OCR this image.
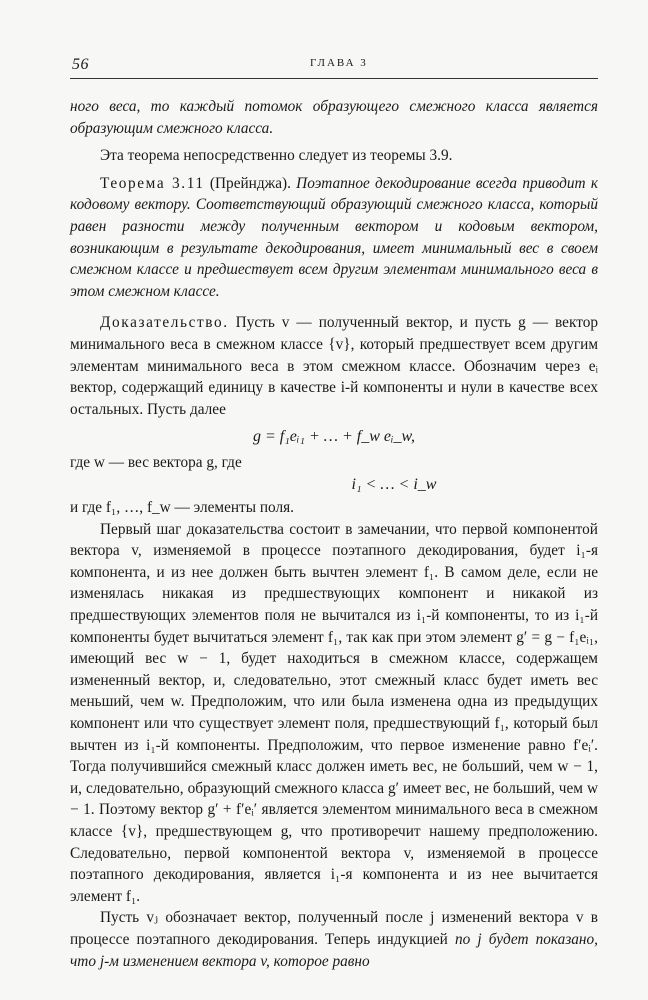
56	ГЛАВА 3

ного веса, то каждый потомок образующего смежного класса является образующим смежного класса.

Эта теорема непосредственно следует из теоремы 3.9.

Теорема 3.11 (Прейнджа). Поэтапное декодирование всегда приводит к кодовому вектору. Соответствующий образующий смежного класса, который равен разности между полученным вектором и кодовым вектором, возникающим в результате декодирования, имеет минимальный вес в своем смежном классе и предшествует всем другим элементам минимального веса в этом смежном классе.

Доказательство. Пусть v — полученный вектор, и пусть g — вектор минимального веса в смежном классе {v}, который предшествует всем другим элементам минимального веса в этом смежном классе. Обозначим через eᵢ вектор, содержащий единицу в качестве i-й компоненты и нули в качестве всех остальных. Пусть далее

g = f₁eᵢ₁ + … + f_w eᵢ_w,

где w — вес вектора g, где

i₁ < … < i_w

и где f₁, …, f_w — элементы поля.

Первый шаг доказательства состоит в замечании, что первой компонентой вектора v, изменяемой в процессе поэтапного декодирования, будет i₁-я компонента, и из нее должен быть вычтен элемент f₁. В самом деле, если не изменялась никакая из предшествующих компонент и никакой из предшествующих элементов поля не вычитался из i₁-й компоненты, то из i₁-й компоненты будет вычитаться элемент f₁, так как при этом элемент g′ = g − f₁eᵢ₁, имеющий вес w − 1, будет находиться в смежном классе, содержащем измененный вектор, и, следовательно, этот смежный класс будет иметь вес меньший, чем w. Предположим, что или была изменена одна из предыдущих компонент или что существует элемент поля, предшествующий f₁, который был вычтен из i₁-й компоненты. Предположим, что первое изменение равно f′eᵢ′. Тогда получившийся смежный класс должен иметь вес, не больший, чем w − 1, и, следовательно, образующий смежного класса g′ имеет вес, не больший, чем w − 1. Поэтому вектор g′ + f′eᵢ′ является элементом минимального веса в смежном классе {v}, предшествующем g, что противоречит нашему предположению. Следовательно, первой компонентой вектора v, изменяемой в процессе поэтапного декодирования, является i₁-я компонента и из нее вычитается элемент f₁.

Пусть vⱼ обозначает вектор, полученный после j изменений вектора v в процессе поэтапного декодирования. Теперь индукцией по j будет показано, что j-м изменением вектора v, которое равно
